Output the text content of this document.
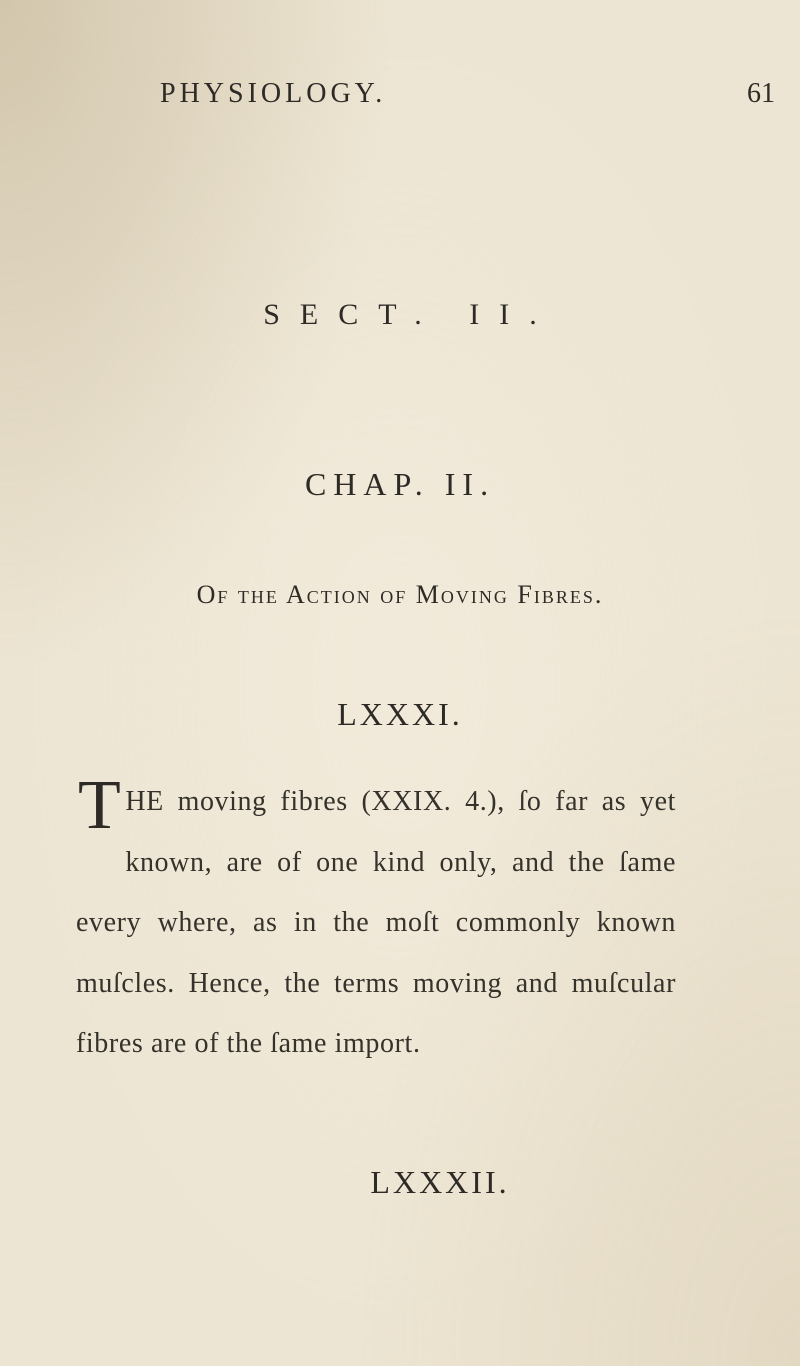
PHYSIOLOGY.	61
SECT. II.
CHAP. II.
Of the Action of Moving Fibres.
LXXXI.
T HE moving fibres (XXIX. 4.), ſo far as yet known, are of one kind only, and the ſame every where, as in the moſt commonly known muſcles. Hence, the terms moving and muſcular fibres are of the ſame import.
LXXXII.
